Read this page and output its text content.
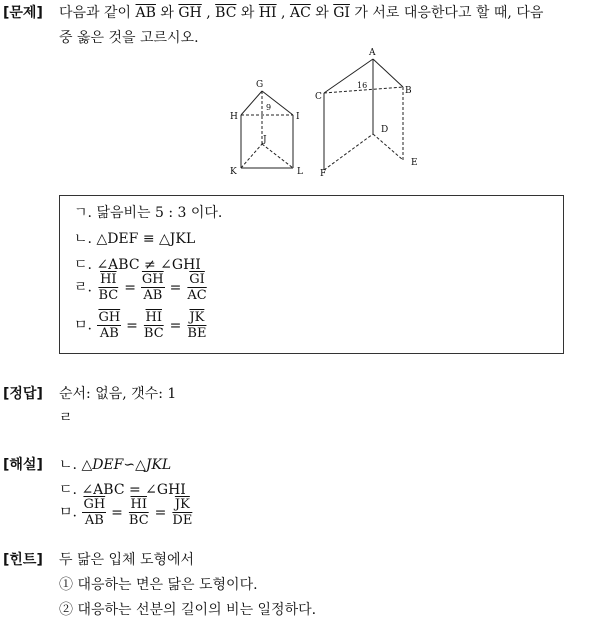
[문제] 다음과 같이 $\overline{AB}$ 와 $\overline{GH}$ , $\overline{BC}$ 와 $\overline{HI}$ , $\overline{AC}$ 와 $\overline{GI}$ 가 서로 대응한다고 할 때, 다음
중 옳은 것을 고르시오.
G
H	I
J
K	L
9
A
B
C
D
E
F
16
ㄱ. 닮음비는 5 : 3 이다.
ㄴ. △DEF ≡ △JKL
ㄷ. ∠ABC ≠ ∠GHI
ㄹ. $\frac{\overline{HI}}{BC} = \frac{\overline{GH}}{AB} = \frac{\overline{GI}}{AC}$
ㅁ. $\frac{\overline{GH}}{AB} = \frac{\overline{HI}}{BC} = \frac{\overline{JK}}{BE}$
[정답] 순서: 없음, 갯수: 1
ㄹ
[해설] ㄴ. △DEF∽△JKL
ㄷ. ∠ABC = ∠GHI
ㅁ. $\frac{\overline{GH}}{AB} = \frac{\overline{HI}}{BC} = \frac{\overline{JK}}{DE}$
[힌트] 두 닮은 입체 도형에서
① 대응하는 면은 닮은 도형이다.
② 대응하는 선분의 길이의 비는 일정하다.
